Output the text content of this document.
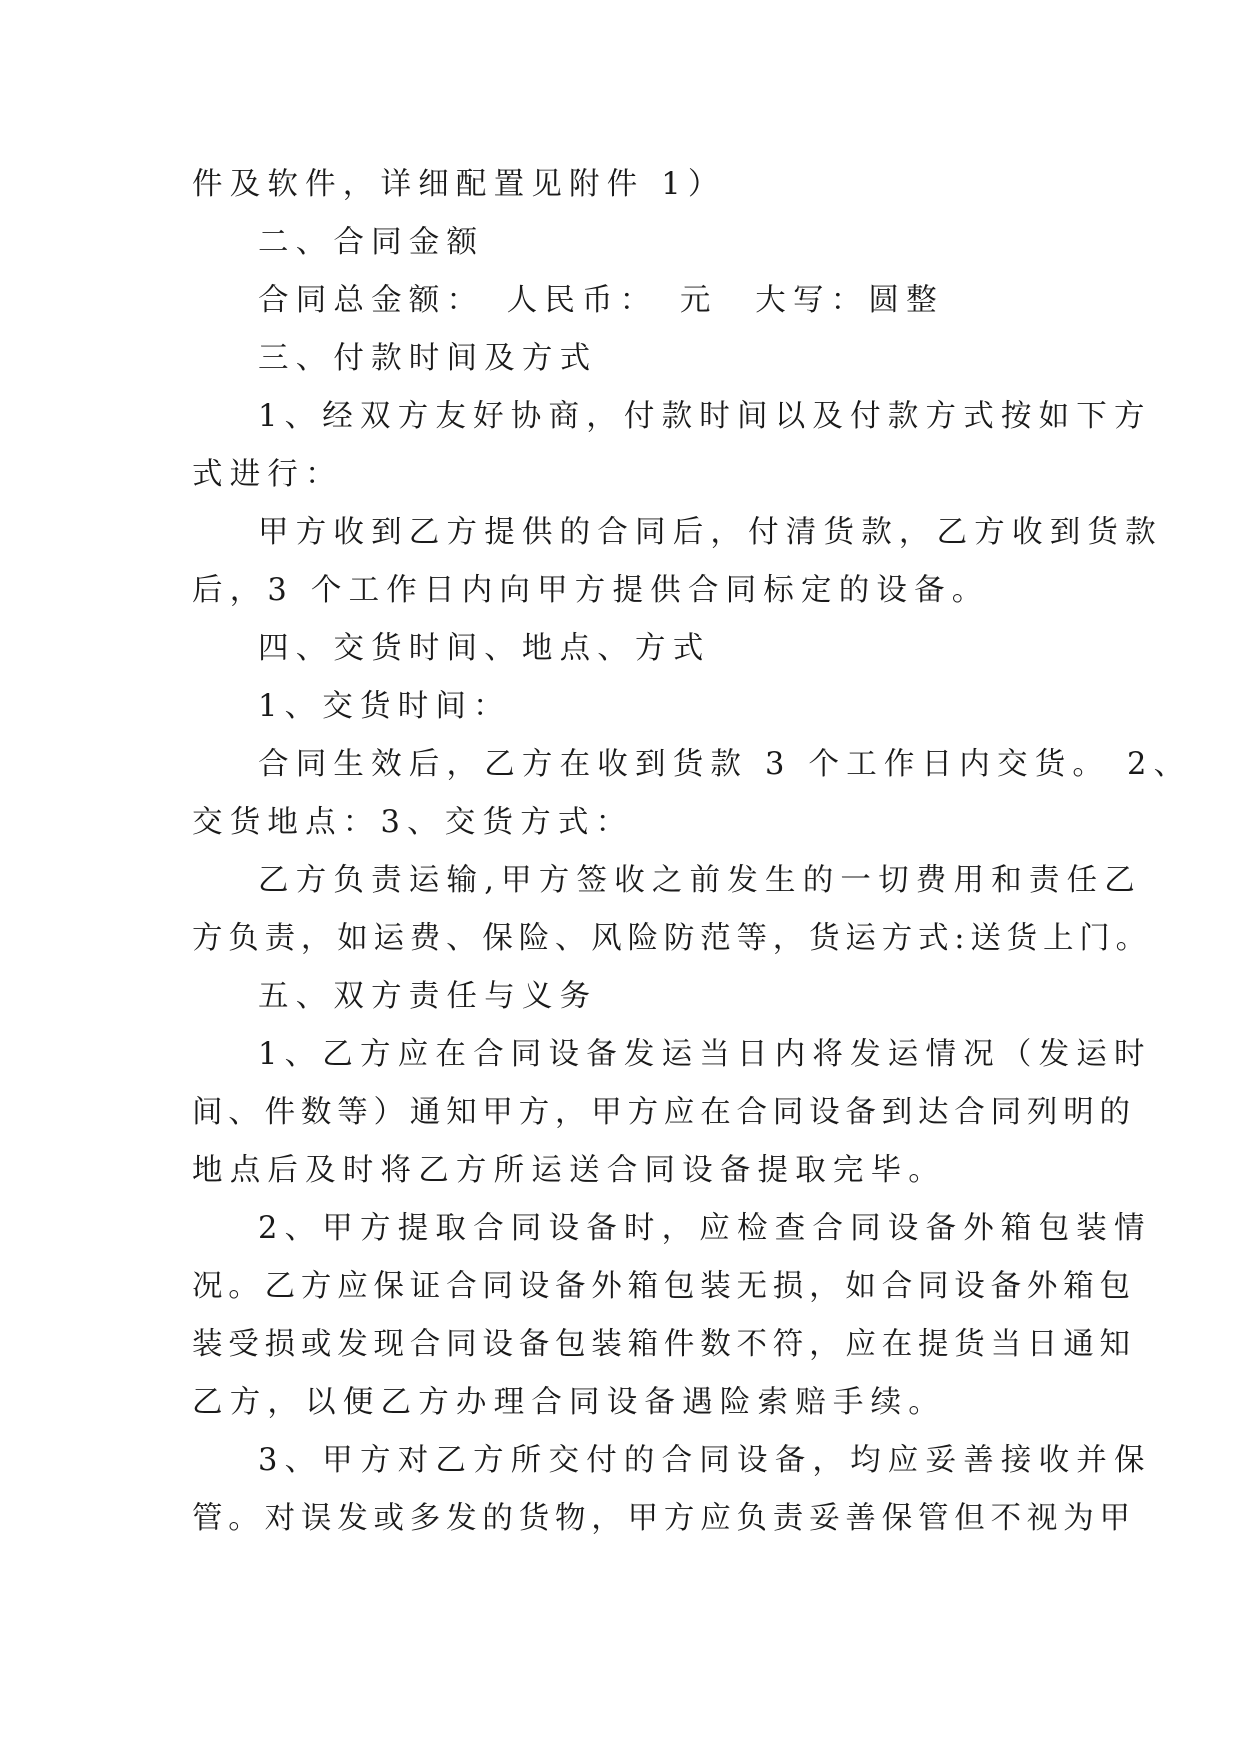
件及软件，详细配置见附件 1）
二、合同金额
合同总金额：　人民币：　元　大写：圆整
三、付款时间及方式
1、经双方友好协商，付款时间以及付款方式按如下方
式进行：
甲方收到乙方提供的合同后，付清货款，乙方收到货款
后，3 个工作日内向甲方提供合同标定的设备。
四、交货时间、地点、方式
1、交货时间：
合同生效后，乙方在收到货款 3 个工作日内交货。 2、
交货地点：3、交货方式：
乙方负责运输,甲方签收之前发生的一切费用和责任乙
方负责，如运费、保险、风险防范等，货运方式:送货上门。
五、双方责任与义务
1、乙方应在合同设备发运当日内将发运情况（发运时
间、件数等）通知甲方，甲方应在合同设备到达合同列明的
地点后及时将乙方所运送合同设备提取完毕。
2、甲方提取合同设备时，应检查合同设备外箱包装情
况。乙方应保证合同设备外箱包装无损，如合同设备外箱包
装受损或发现合同设备包装箱件数不符，应在提货当日通知
乙方，以便乙方办理合同设备遇险索赔手续。
3、甲方对乙方所交付的合同设备，均应妥善接收并保
管。对误发或多发的货物，甲方应负责妥善保管但不视为甲
